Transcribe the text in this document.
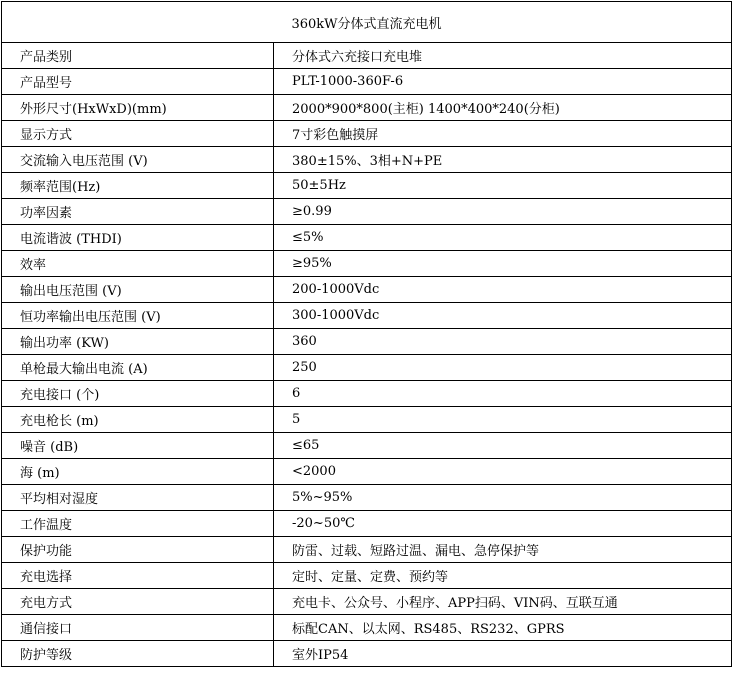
360kW分体式直流充电机	
产品类别	分体式六充接口充电堆
产品型号	PLT-1000-360F-6
外形尺寸(HxWxD)(mm)	2000*900*800(主柜) 1400*400*240(分柜)
显示方式	7寸彩色触摸屏
交流输入电压范围 (V)	380±15%、3相+N+PE
频率范围(Hz)	50±5Hz
功率因素	≥0.99
电流谐波 (THDI)	≤5%
效率	≥95%
输出电压范围 (V)	200-1000Vdc
恒功率输出电压范围 (V)	300-1000Vdc
输出功率 (KW)	360
单枪最大输出电流 (A)	250
充电接口 (个)	6
充电枪长 (m)	5
噪音 (dB)	≤65
海 (m)	<2000
平均相对湿度	5%~95%
工作温度	-20~50℃
保护功能	防雷、过载、短路过温、漏电、急停保护等
充电选择	定时、定量、定费、预约等
充电方式	充电卡、公众号、小程序、APP扫码、VIN码、互联互通
通信接口	标配CAN、以太网、RS485、RS232、GPRS
防护等级	室外IP54
